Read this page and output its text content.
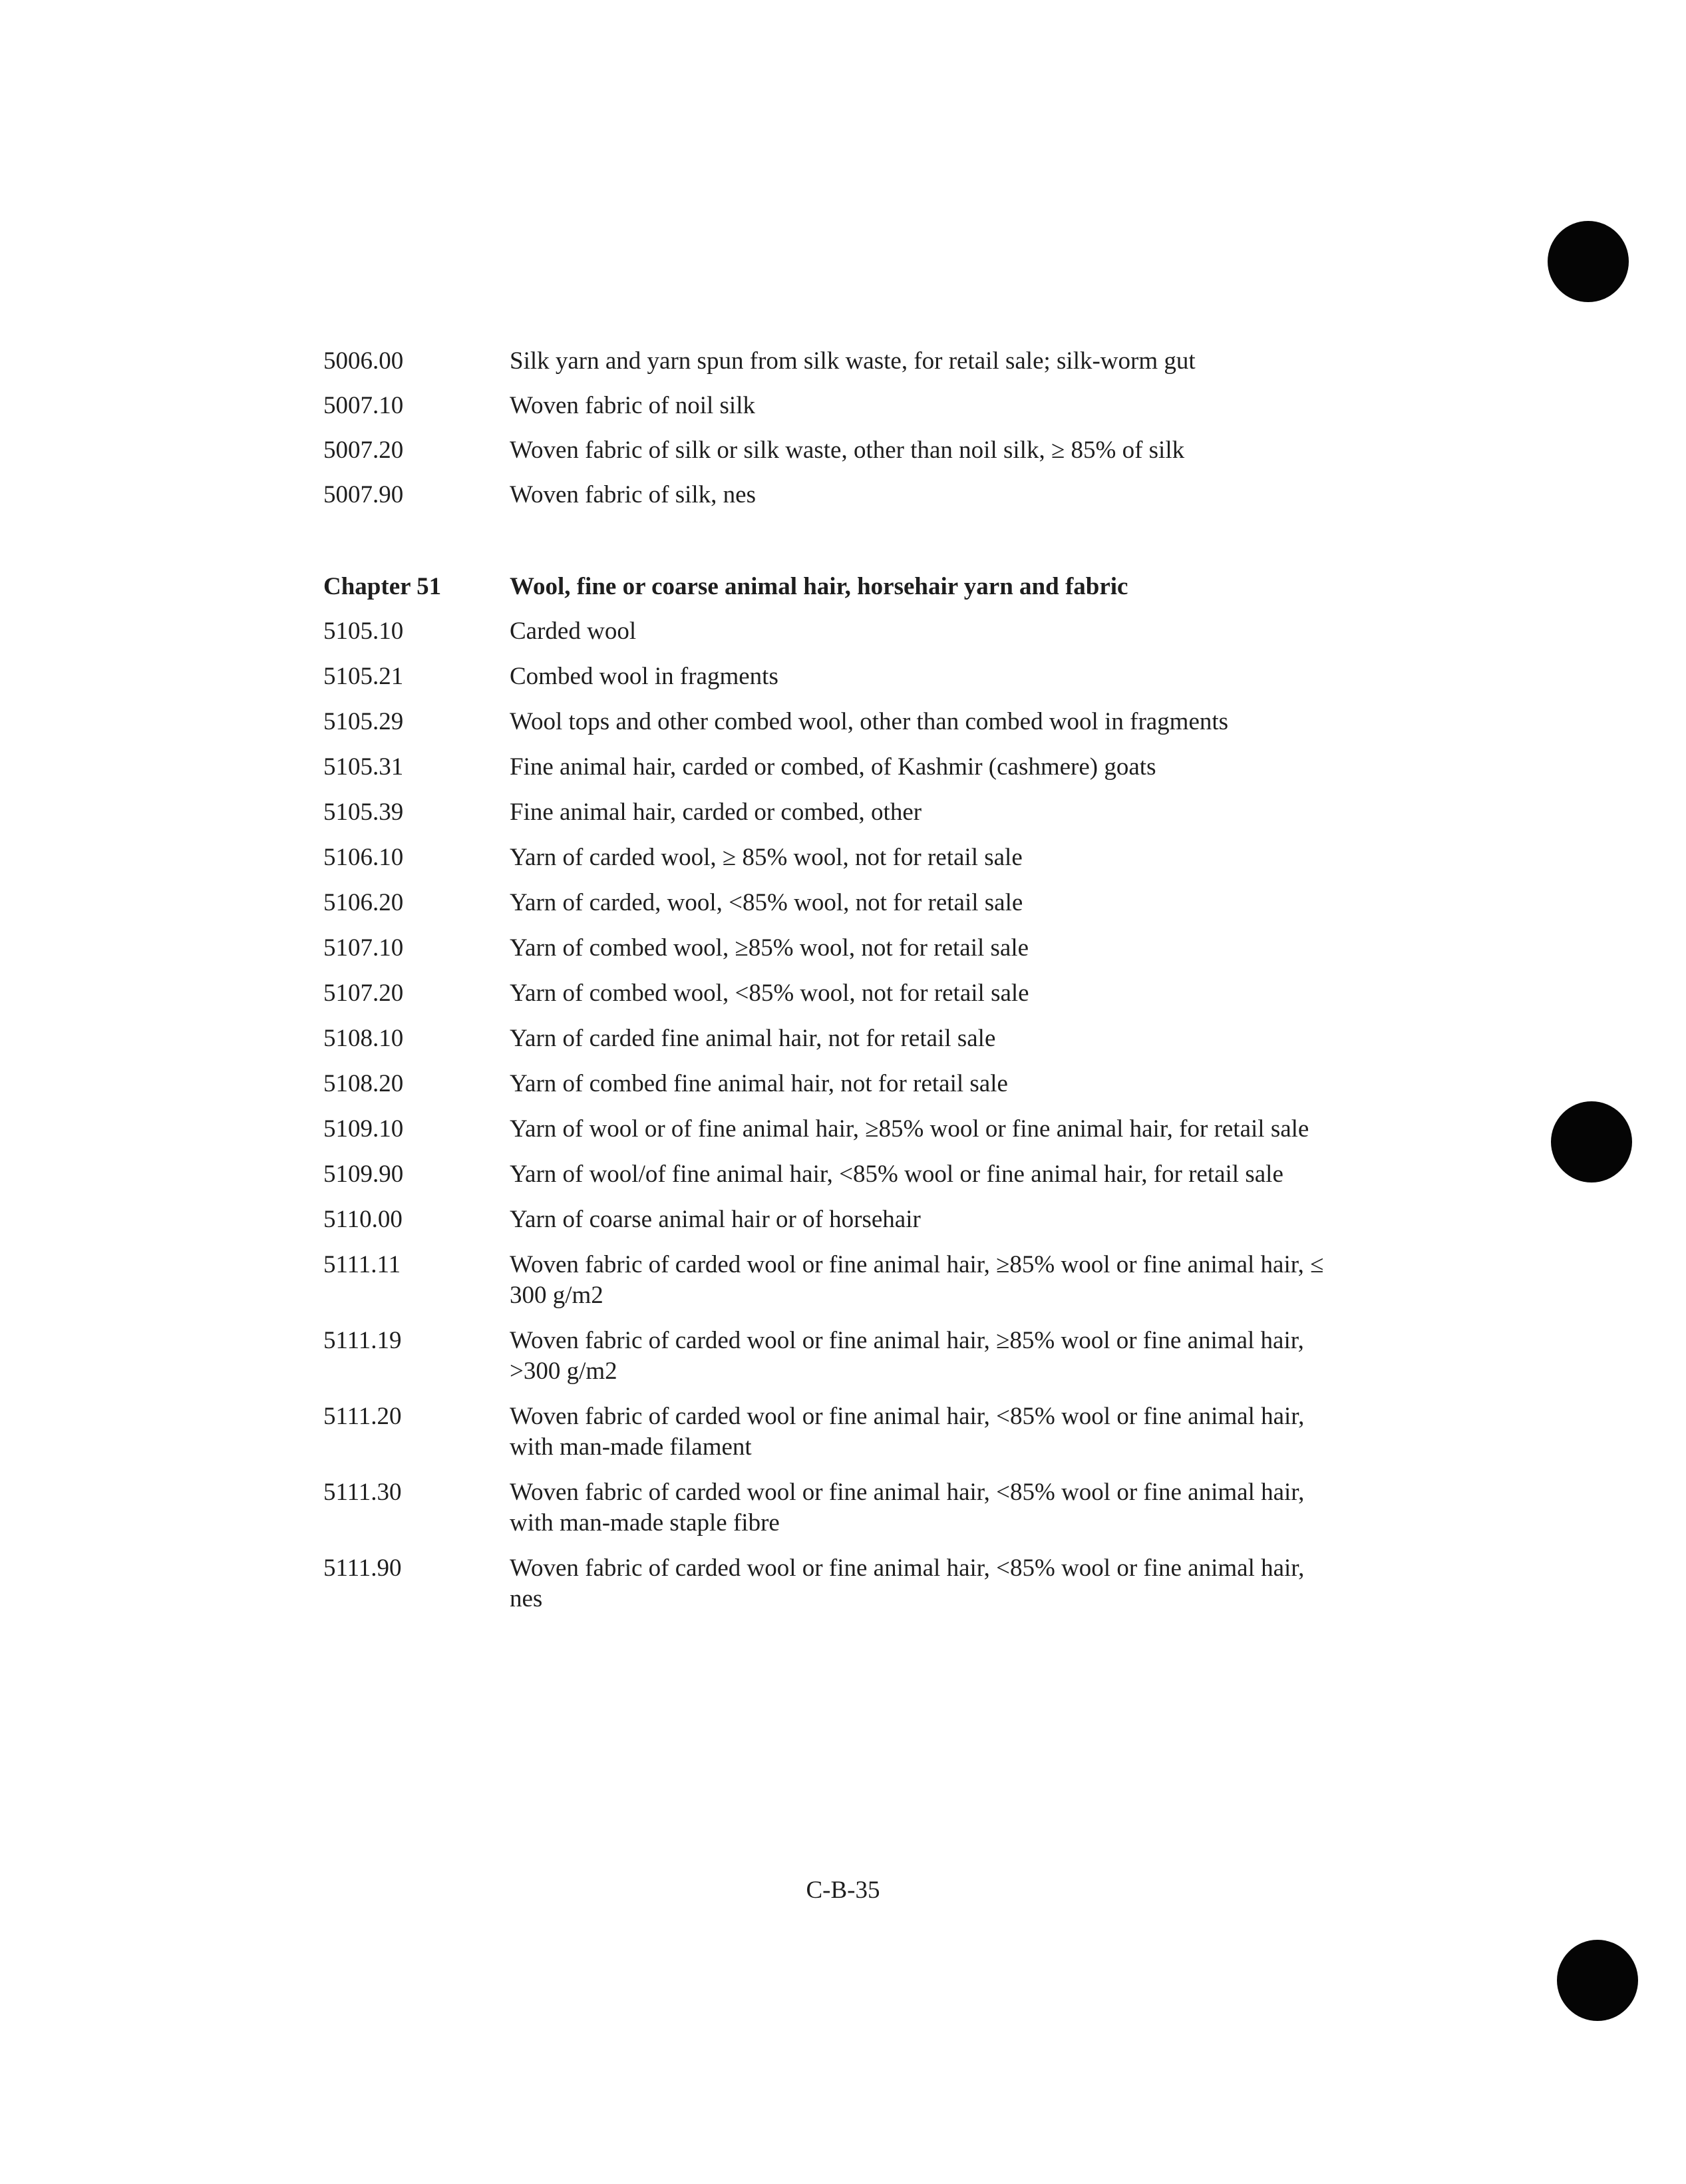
5006.00	Silk yarn and yarn spun from silk waste, for retail sale; silk-worm gut
5007.10	Woven fabric of noil silk
5007.20	Woven fabric of silk or silk waste, other than noil silk, ≥ 85% of silk
5007.90	Woven fabric of silk, nes
Chapter 51	Wool, fine or coarse animal hair, horsehair yarn and fabric
5105.10	Carded wool
5105.21	Combed wool in fragments
5105.29	Wool tops and other combed wool, other than combed wool in fragments
5105.31	Fine animal hair, carded or combed, of Kashmir (cashmere) goats
5105.39	Fine animal hair, carded or combed, other
5106.10	Yarn of carded wool, ≥ 85% wool, not for retail sale
5106.20	Yarn of carded, wool, <85% wool, not for retail sale
5107.10	Yarn of combed wool, ≥85% wool, not for retail sale
5107.20	Yarn of combed wool, <85% wool, not for retail sale
5108.10	Yarn of carded fine animal hair, not for retail sale
5108.20	Yarn of combed fine animal hair, not for retail sale
5109.10	Yarn of wool or of fine animal hair, ≥85% wool or fine animal hair, for retail sale
5109.90	Yarn of wool/of fine animal hair, <85% wool or fine animal hair, for retail sale
5110.00	Yarn of coarse animal hair or of horsehair
5111.11	Woven fabric of carded wool or fine animal hair, ≥85% wool or fine animal hair, ≤ 300 g/m2
5111.19	Woven fabric of carded wool or fine animal hair, ≥85% wool or fine animal hair, >300 g/m2
5111.20	Woven fabric of carded wool or fine animal hair, <85% wool or fine animal hair, with man-made filament
5111.30	Woven fabric of carded wool or fine animal hair, <85% wool or fine animal hair, with man-made staple fibre
5111.90	Woven fabric of carded wool or fine animal hair, <85% wool or fine animal hair, nes
C-B-35
